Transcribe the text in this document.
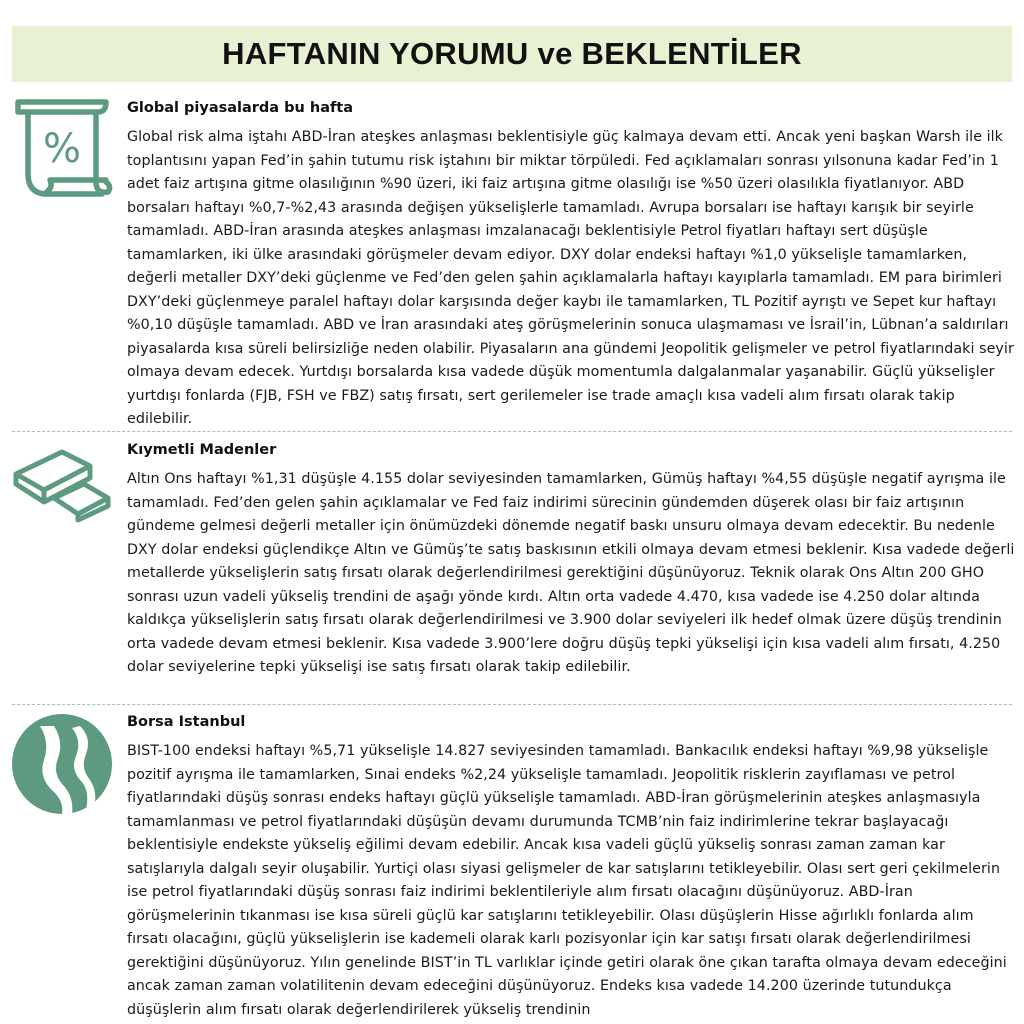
HAFTANIN YORUMU ve BEKLENTİLER
%

Global piyasalarda bu hafta

Global risk alma iştahı ABD-İran ateşkes anlaşması beklentisiyle güç kalmaya devam etti. Ancak yeni başkan Warsh ile ilk toplantısını yapan Fed’in şahin tutumu risk iştahını bir miktar törpüledi. Fed açıklamaları sonrası yılsonuna kadar Fed’in 1 adet faiz artışına gitme olasılığının %90 üzeri, iki faiz artışına gitme olasılığı ise %50 üzeri olasılıkla fiyatlanıyor. ABD borsaları haftayı %0,7-%2,43 arasında değişen yükselişlerle tamamladı. Avrupa borsaları ise haftayı karışık bir seyirle tamamladı. ABD-İran arasında ateşkes anlaşması imzalanacağı beklentisiyle Petrol fiyatları haftayı sert düşüşle tamamlarken, iki ülke arasındaki görüşmeler devam ediyor. DXY dolar endeksi haftayı %1,0 yükselişle tamamlarken, değerli metaller DXY’deki güçlenme ve Fed’den gelen şahin açıklamalarla haftayı kayıplarla tamamladı. EM para birimleri DXY’deki güçlenmeye paralel haftayı dolar karşısında değer kaybı ile tamamlarken, TL Pozitif ayrıştı ve Sepet kur haftayı %0,10 düşüşle tamamladı. ABD ve İran arasındaki ateş görüşmelerinin sonuca ulaşmaması ve İsrail’in, Lübnan’a saldırıları piyasalarda kısa süreli belirsizliğe neden olabilir. Piyasaların ana gündemi Jeopolitik gelişmeler ve petrol fiyatlarındaki seyir olmaya devam edecek. Yurtdışı borsalarda kısa vadede düşük momentumla dalgalanmalar yaşanabilir. Güçlü yükselişler yurtdışı fonlarda (FJB, FSH ve FBZ) satış fırsatı, sert gerilemeler ise trade amaçlı kısa vadeli alım fırsatı olarak takip edilebilir.

Kıymetli Madenler

Altın Ons haftayı %1,31 düşüşle 4.155 dolar seviyesinden tamamlarken, Gümüş haftayı %4,55 düşüşle negatif ayrışma ile tamamladı. Fed’den gelen şahin açıklamalar ve Fed faiz indirimi sürecinin gündemden düşerek olası bir faiz artışının gündeme gelmesi değerli metaller için önümüzdeki dönemde negatif baskı unsuru olmaya devam edecektir. Bu nedenle DXY dolar endeksi güçlendikçe Altın ve Gümüş’te satış baskısının etkili olmaya devam etmesi beklenir. Kısa vadede değerli metallerde yükselişlerin satış fırsatı olarak değerlendirilmesi gerektiğini düşünüyoruz. Teknik olarak Ons Altın 200 GHO sonrası uzun vadeli yükseliş trendini de aşağı yönde kırdı. Altın orta vadede 4.470, kısa vadede ise 4.250 dolar altında kaldıkça yükselişlerin satış fırsatı olarak değerlendirilmesi ve 3.900 dolar seviyeleri ilk hedef olmak üzere düşüş trendinin orta vadede devam etmesi beklenir. Kısa vadede 3.900’lere doğru düşüş tepki yükselişi için kısa vadeli alım fırsatı, 4.250 dolar seviyelerine tepki yükselişi ise satış fırsatı olarak takip edilebilir.

Borsa Istanbul

BIST-100 endeksi haftayı %5,71 yükselişle 14.827 seviyesinden tamamladı. Bankacılık endeksi haftayı %9,98 yükselişle pozitif ayrışma ile tamamlarken, Sınai endeks %2,24 yükselişle tamamladı. Jeopolitik risklerin zayıflaması ve petrol fiyatlarındaki düşüş sonrası endeks haftayı güçlü yükselişle tamamladı. ABD-İran görüşmelerinin ateşkes anlaşmasıyla tamamlanması ve petrol fiyatlarındaki düşüşün devamı durumunda TCMB’nin faiz indirimlerine tekrar başlayacağı beklentisiyle endekste yükseliş eğilimi devam edebilir. Ancak kısa vadeli güçlü yükseliş sonrası zaman zaman kar satışlarıyla dalgalı seyir oluşabilir. Yurtiçi olası siyasi gelişmeler de kar satışlarını tetikleyebilir. Olası sert geri çekilmelerin ise petrol fiyatlarındaki düşüş sonrası faiz indirimi beklentileriyle alım fırsatı olacağını düşünüyoruz. ABD-İran görüşmelerinin tıkanması ise kısa süreli güçlü kar satışlarını tetikleyebilir. Olası düşüşlerin Hisse ağırlıklı fonlarda alım fırsatı olacağını, güçlü yükselişlerin ise kademeli olarak karlı pozisyonlar için kar satışı fırsatı olarak değerlendirilmesi gerektiğini düşünüyoruz. Yılın genelinde BIST’in TL varlıklar içinde getiri olarak öne çıkan tarafta olmaya devam edeceğini ancak zaman zaman volatilitenin devam edeceğini düşünüyoruz. Endeks kısa vadede 14.200 üzerinde tutundukça düşüşlerin alım fırsatı olarak değerlendirilerek yükseliş trendinin
